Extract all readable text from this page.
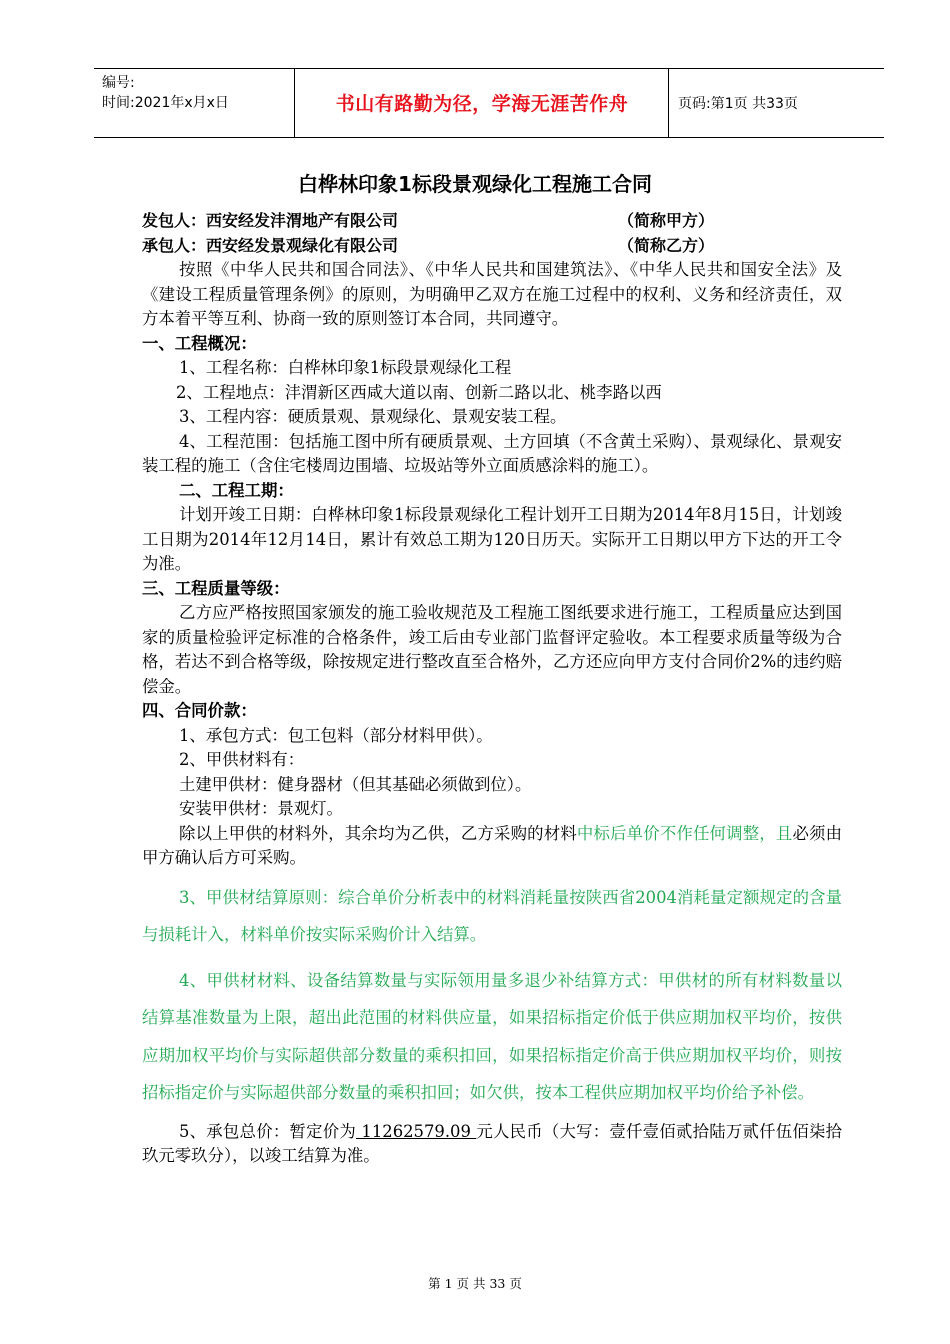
编号:
时间:2021年x月x日	书山有路勤为径，学海无涯苦作舟	页码:第1页 共33页
白桦林印象1标段景观绿化工程施工合同
发包人：西安经发沣渭地产有限公司	（简称甲方）
承包人：西安经发景观绿化有限公司	（简称乙方）

按照《中华人民共和国合同法》、《中华人民共和国建筑法》、《中华人民共和国安全法》及《建设工程质量管理条例》的原则，为明确甲乙双方在施工过程中的权利、义务和经济责任，双方本着平等互利、协商一致的原则签订本合同，共同遵守。

一、工程概况：

1、工程名称：白桦林印象1标段景观绿化工程

2、工程地点：沣渭新区西咸大道以南、创新二路以北、桃李路以西

3、工程内容：硬质景观、景观绿化、景观安装工程。

4、工程范围：包括施工图中所有硬质景观、土方回填（不含黄土采购）、景观绿化、景观安装工程的施工（含住宅楼周边围墙、垃圾站等外立面质感涂料的施工）。

二、工程工期：

计划开竣工日期：白桦林印象1标段景观绿化工程计划开工日期为2014年8月15日，计划竣工日期为2014年12月14日，累计有效总工期为120日历天。实际开工日期以甲方下达的开工令为准。

三、工程质量等级：

乙方应严格按照国家颁发的施工验收规范及工程施工图纸要求进行施工，工程质量应达到国家的质量检验评定标准的合格条件，竣工后由专业部门监督评定验收。本工程要求质量等级为合格，若达不到合格等级，除按规定进行整改直至合格外，乙方还应向甲方支付合同价2%的违约赔偿金。

四、合同价款：

1、承包方式：包工包料（部分材料甲供）。

2、甲供材料有：

土建甲供材：健身器材（但其基础必须做到位）。

安装甲供材：景观灯。

除以上甲供的材料外，其余均为乙供，乙方采购的材料中标后单价不作任何调整，且必须由甲方确认后方可采购。

3、甲供材结算原则：综合单价分析表中的材料消耗量按陕西省2004消耗量定额规定的含量与损耗计入，材料单价按实际采购价计入结算。

4、甲供材材料、设备结算数量与实际领用量多退少补结算方式：甲供材的所有材料数量以结算基准数量为上限，超出此范围的材料供应量，如果招标指定价低于供应期加权平均价，按供应期加权平均价与实际超供部分数量的乘积扣回，如果招标指定价高于供应期加权平均价，则按招标指定价与实际超供部分数量的乘积扣回；如欠供，按本工程供应期加权平均价给予补偿。

5、承包总价：暂定价为 11262579.09 元人民币（大写：壹仟壹佰贰拾陆万贰仟伍佰柒拾玖元零玖分），以竣工结算为准。

第 1 页 共 33 页
